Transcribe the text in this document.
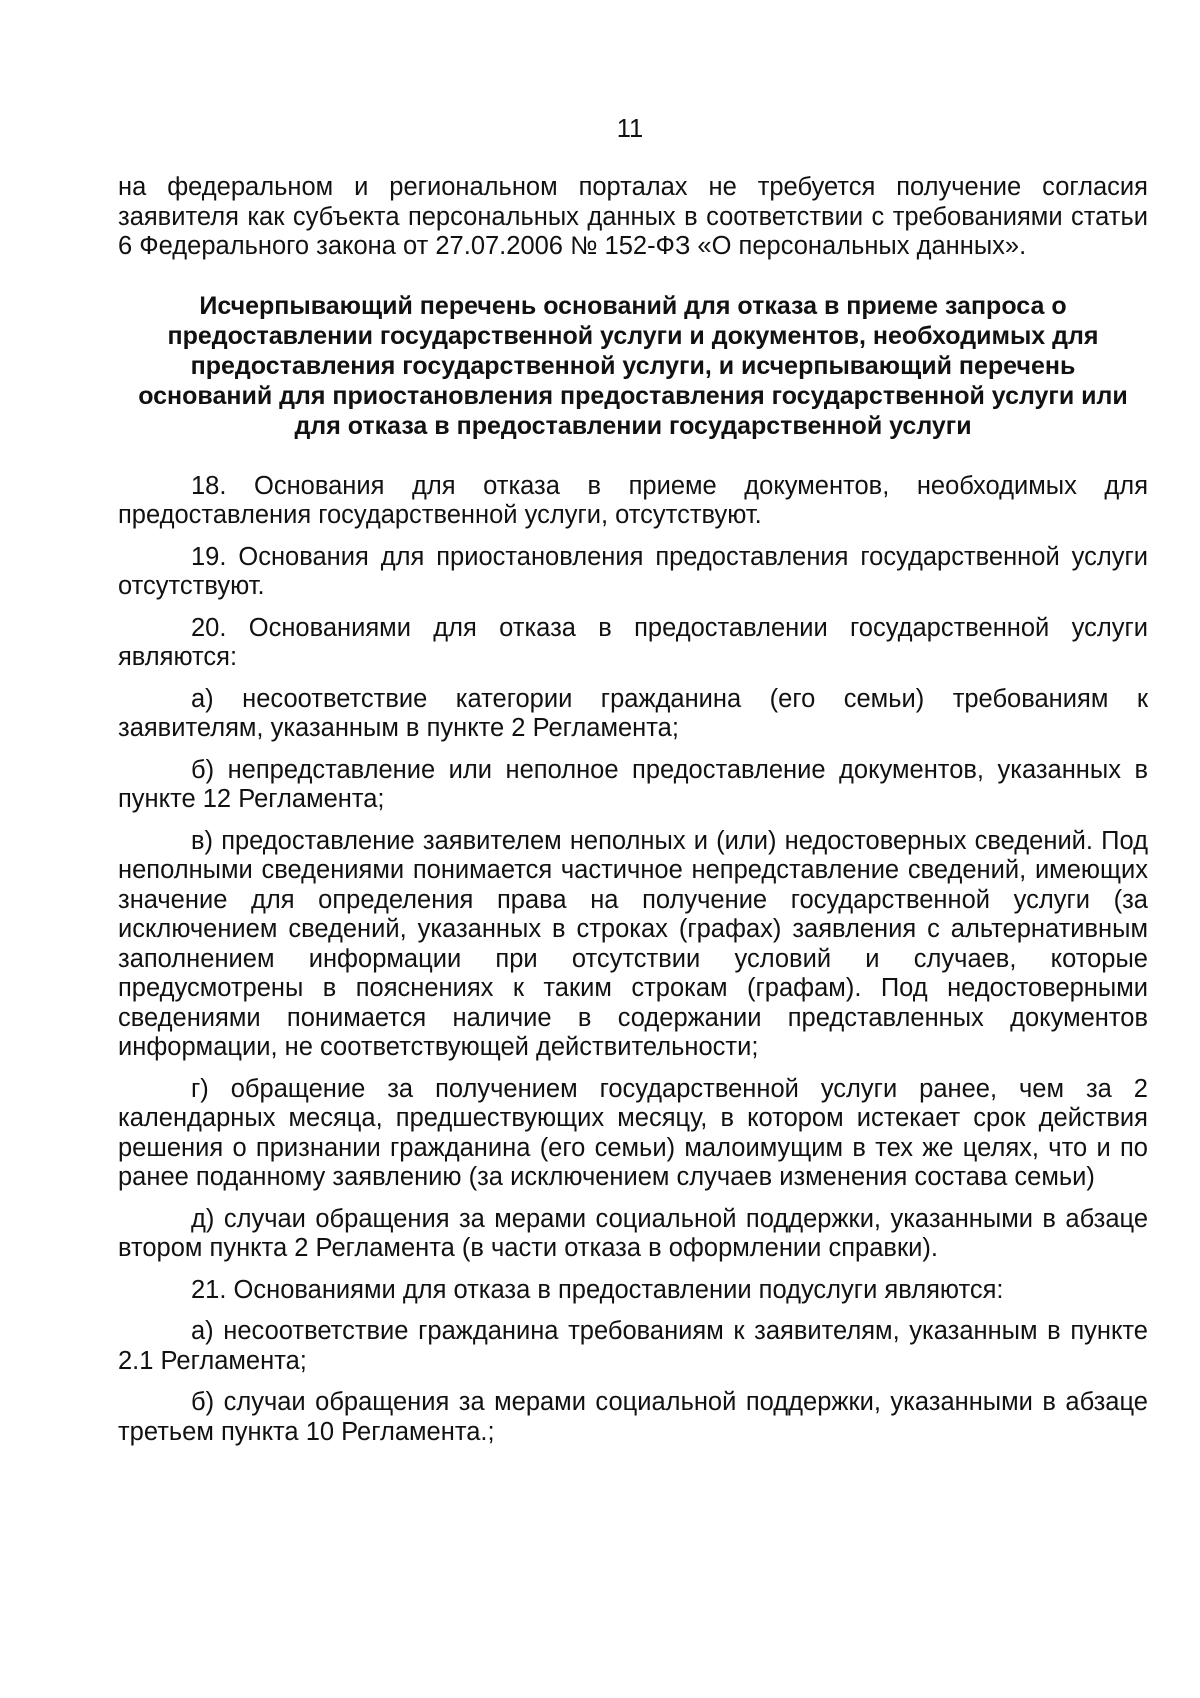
11

на федеральном и региональном порталах не требуется получение согласия заявителя как субъекта персональных данных в соответствии с требованиями статьи 6 Федерального закона от 27.07.2006 № 152-ФЗ «О персональных данных».

Исчерпывающий перечень оснований для отказа в приеме запроса о предоставлении государственной услуги и документов, необходимых для предоставления государственной услуги, и исчерпывающий перечень оснований для приостановления предоставления государственной услуги или для отказа в предоставлении государственной услуги

18. Основания для отказа в приеме документов, необходимых для предоставления государственной услуги, отсутствуют.

19. Основания для приостановления предоставления государственной услуги отсутствуют.

20. Основаниями для отказа в предоставлении государственной услуги являются:

а) несоответствие категории гражданина (его семьи) требованиям к заявителям, указанным в пункте 2 Регламента;

б) непредставление или неполное предоставление документов, указанных в пункте 12 Регламента;

в) предоставление заявителем неполных и (или) недостоверных сведений. Под неполными сведениями понимается частичное непредставление сведений, имеющих значение для определения права на получение государственной услуги (за исключением сведений, указанных в строках (графах) заявления с альтернативным заполнением информации при отсутствии условий и случаев, которые предусмотрены в пояснениях к таким строкам (графам). Под недостоверными сведениями понимается наличие в содержании представленных документов информации, не соответствующей действительности;

г) обращение за получением государственной услуги ранее, чем за 2 календарных месяца, предшествующих месяцу, в котором истекает срок действия решения о признании гражданина (его семьи) малоимущим в тех же целях, что и по ранее поданному заявлению (за исключением случаев изменения состава семьи)

д) случаи обращения за мерами социальной поддержки, указанными в абзаце втором пункта 2 Регламента (в части отказа в оформлении справки).

21. Основаниями для отказа в предоставлении подуслуги являются:

а) несоответствие гражданина требованиям к заявителям, указанным в пункте 2.1 Регламента;

б) случаи обращения за мерами социальной поддержки, указанными в абзаце третьем пункта 10 Регламента.;
